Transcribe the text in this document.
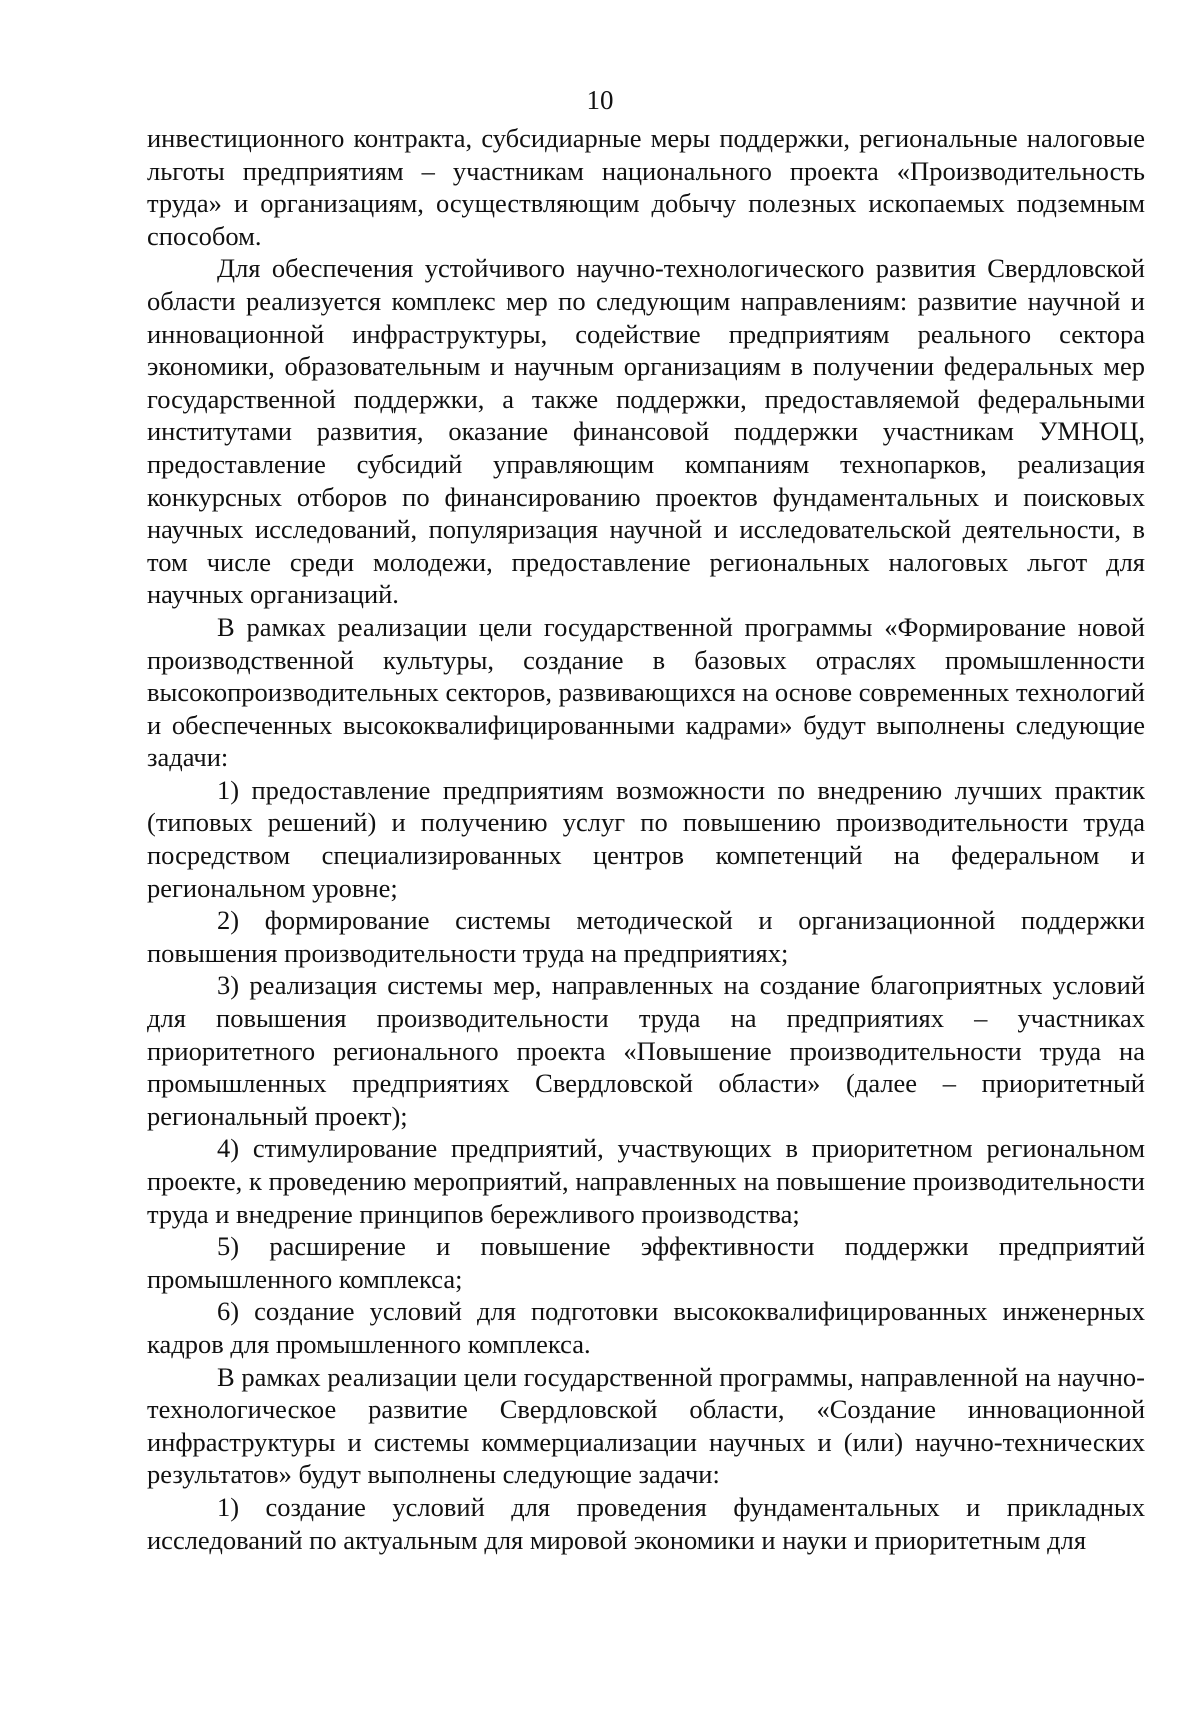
10

инвестиционного контракта, субсидиарные меры поддержки, региональные налоговые льготы предприятиям – участникам национального проекта «Производительность труда» и организациям, осуществляющим добычу полезных ископаемых подземным способом.

Для обеспечения устойчивого научно-технологического развития Свердловской области реализуется комплекс мер по следующим направлениям: развитие научной и инновационной инфраструктуры, содействие предприятиям реального сектора экономики, образовательным и научным организациям в получении федеральных мер государственной поддержки, а также поддержки, предоставляемой федеральными институтами развития, оказание финансовой поддержки участникам УМНОЦ, предоставление субсидий управляющим компаниям технопарков, реализация конкурсных отборов по финансированию проектов фундаментальных и поисковых научных исследований, популяризация научной и исследовательской деятельности, в том числе среди молодежи, предоставление региональных налоговых льгот для научных организаций.

В рамках реализации цели государственной программы «Формирование новой производственной культуры, создание в базовых отраслях промышленности высокопроизводительных секторов, развивающихся на основе современных технологий и обеспеченных высококвалифицированными кадрами» будут выполнены следующие задачи:

1) предоставление предприятиям возможности по внедрению лучших практик (типовых решений) и получению услуг по повышению производительности труда посредством специализированных центров компетенций на федеральном и региональном уровне;

2) формирование системы методической и организационной поддержки повышения производительности труда на предприятиях;

3) реализация системы мер, направленных на создание благоприятных условий для повышения производительности труда на предприятиях – участниках приоритетного регионального проекта «Повышение производительности труда на промышленных предприятиях Свердловской области» (далее – приоритетный региональный проект);

4) стимулирование предприятий, участвующих в приоритетном региональном проекте, к проведению мероприятий, направленных на повышение производительности труда и внедрение принципов бережливого производства;

5) расширение и повышение эффективности поддержки предприятий промышленного комплекса;

6) создание условий для подготовки высококвалифицированных инженерных кадров для промышленного комплекса.

В рамках реализации цели государственной программы, направленной на научно-технологическое развитие Свердловской области, «Создание инновационной инфраструктуры и системы коммерциализации научных и (или) научно-технических результатов» будут выполнены следующие задачи:

1) создание условий для проведения фундаментальных и прикладных исследований по актуальным для мировой экономики и науки и приоритетным для
